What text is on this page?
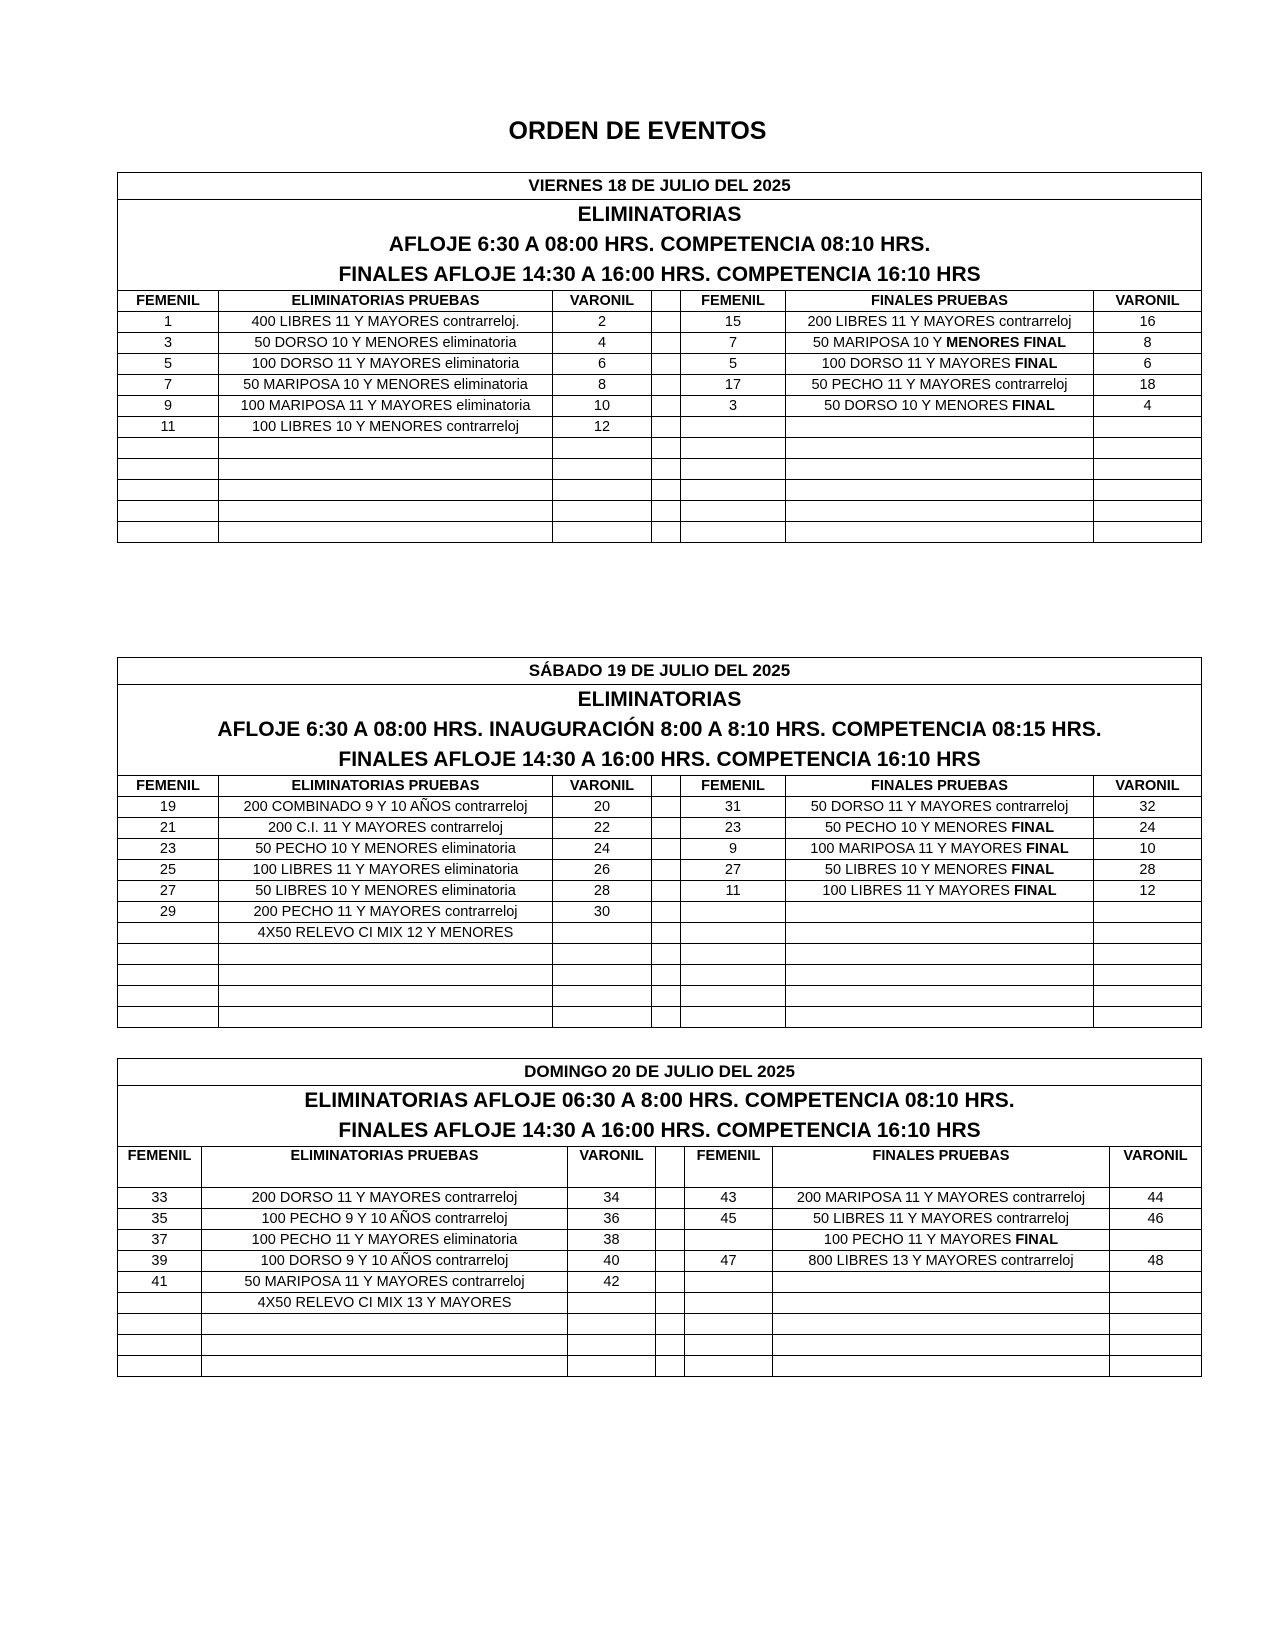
ORDEN DE EVENTOS
VIERNES 18 DE JULIO DEL 2025						

ELIMINATORIAS
AFLOJE 6:30 A 08:00 HRS. COMPETENCIA 08:10 HRS.
FINALES AFLOJE 14:30 A 16:00 HRS. COMPETENCIA 16:10 HRS						

FEMENIL	ELIMINATORIAS PRUEBAS	VARONIL		FEMENIL	FINALES PRUEBAS	VARONIL
1	400 LIBRES 11 Y MAYORES contrarreloj.	2		15	200 LIBRES 11 Y MAYORES contrarreloj	16
3	50 DORSO 10 Y MENORES eliminatoria	4		7	50 MARIPOSA 10 Y MENORES FINAL	8
5	100 DORSO 11 Y MAYORES eliminatoria	6		5	100 DORSO 11 Y MAYORES FINAL	6
7	50 MARIPOSA 10 Y MENORES eliminatoria	8		17	50 PECHO 11 Y MAYORES contrarreloj	18
9	100 MARIPOSA 11 Y MAYORES eliminatoria	10		3	50 DORSO 10 Y MENORES FINAL	4
11	100 LIBRES 10 Y MENORES contrarreloj	12				

SÁBADO 19 DE JULIO DEL 2025						

ELIMINATORIAS
AFLOJE 6:30 A 08:00 HRS. INAUGURACIÓN 8:00 A 8:10 HRS. COMPETENCIA 08:15 HRS.
FINALES AFLOJE 14:30 A 16:00 HRS. COMPETENCIA 16:10 HRS						

FEMENIL	ELIMINATORIAS PRUEBAS	VARONIL		FEMENIL	FINALES PRUEBAS	VARONIL
19	200 COMBINADO 9 Y 10 AÑOS contrarreloj	20		31	50 DORSO 11 Y MAYORES contrarreloj	32
21	200 C.I. 11 Y MAYORES contrarreloj	22		23	50 PECHO 10 Y MENORES FINAL	24
23	50 PECHO 10 Y MENORES eliminatoria	24		9	100 MARIPOSA 11 Y MAYORES FINAL	10
25	100 LIBRES 11 Y MAYORES eliminatoria	26		27	50 LIBRES 10 Y MENORES FINAL	28
27	50 LIBRES 10 Y MENORES eliminatoria	28		11	100 LIBRES 11 Y MAYORES FINAL	12
29	200 PECHO 11 Y MAYORES contrarreloj	30				
	4X50 RELEVO CI MIX 12 Y MENORES					

DOMINGO 20 DE JULIO DEL 2025						

ELIMINATORIAS AFLOJE 06:30 A 8:00 HRS. COMPETENCIA 08:10 HRS.
FINALES AFLOJE 14:30 A 16:00 HRS. COMPETENCIA 16:10 HRS						

FEMENIL	ELIMINATORIAS PRUEBAS	VARONIL		FEMENIL	FINALES PRUEBAS	VARONIL

33	200 DORSO 11 Y MAYORES contrarreloj	34		43	200 MARIPOSA 11 Y MAYORES contrarreloj	44
35	100 PECHO 9 Y 10 AÑOS contrarreloj	36		45	50 LIBRES 11 Y MAYORES contrarreloj	46
37	100 PECHO 11 Y MAYORES eliminatoria	38			100 PECHO 11 Y MAYORES FINAL	
39	100 DORSO 9 Y 10 AÑOS contrarreloj	40		47	800 LIBRES 13 Y MAYORES contrarreloj	48
41	50 MARIPOSA 11 Y MAYORES contrarreloj	42				
	4X50 RELEVO CI MIX 13 Y MAYORES					
